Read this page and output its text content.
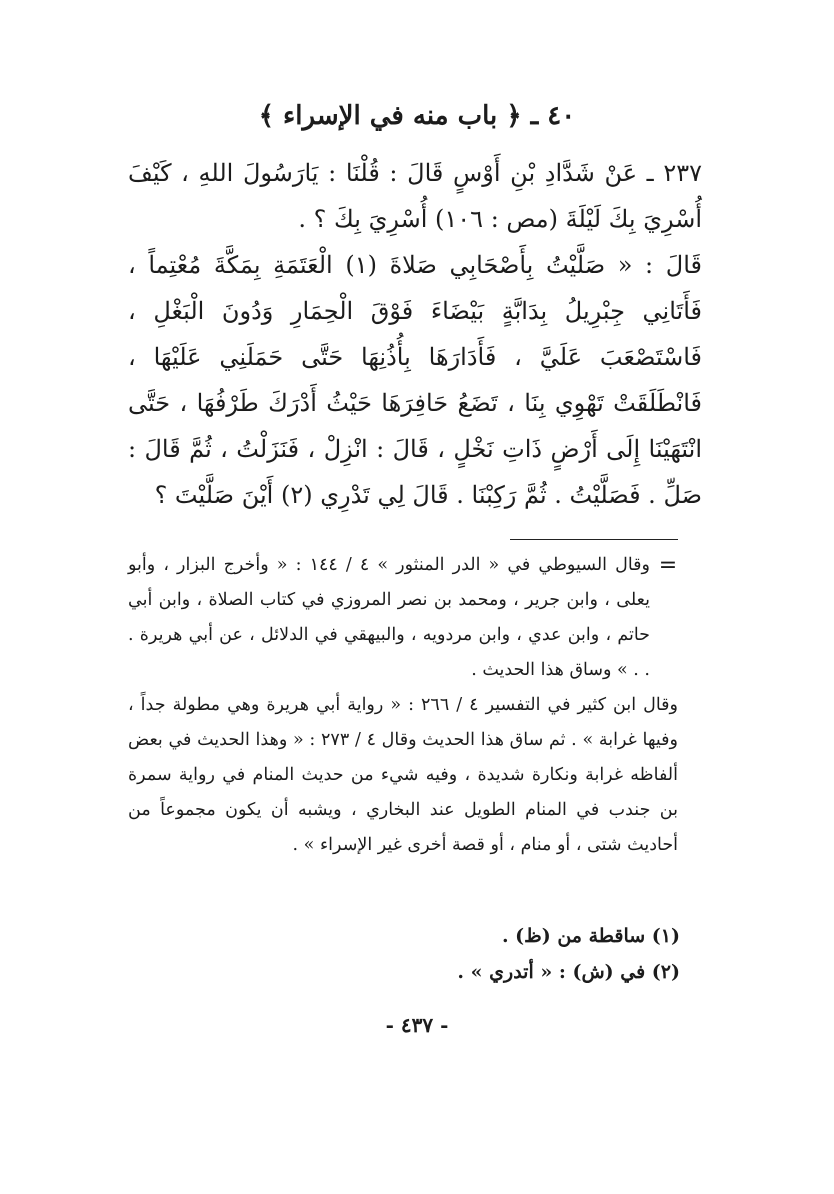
٤٠ ـ ﴿ باب منه في الإسراء ﴾

٢٣٧ ـ عَنْ شَدَّادِ بْنِ أَوْسٍ قَالَ : قُلْنَا : يَارَسُولَ اللهِ ، كَيْفَ أُسْرِيَ بِكَ لَيْلَةَ (مص : ١٠٦) أُسْرِيَ بِكَ ؟ .

قَالَ : « صَلَّيْتُ بِأَصْحَابِي صَلاةَ (١) الْعَتَمَةِ بِمَكَّةَ مُعْتِماً ، فَأَتَانِي جِبْرِيلُ بِدَابَّةٍ بَيْضَاءَ فَوْقَ الْحِمَارِ وَدُونَ الْبَغْلِ ، فَاسْتَصْعَبَ عَلَيَّ ، فَأَدَارَهَا بِأُذُنِهَا حَتَّى حَمَلَنِي عَلَيْهَا ، فَانْطَلَقَتْ تَهْوِي بِنَا ، تَضَعُ حَافِرَهَا حَيْثُ أَدْرَكَ طَرْفُهَا ، حَتَّى انْتَهَيْنَا إِلَى أَرْضٍ ذَاتِ نَخْلٍ ، قَالَ : انْزِلْ ، فَنَزَلْتُ ، ثُمَّ قَالَ : صَلِّ . فَصَلَّيْتُ . ثُمَّ رَكِبْنَا . قَالَ لِي تَدْرِي (٢) أَيْنَ صَلَّيْتَ ؟

=

وقال السيوطي في « الدر المنثور » ٤ / ١٤٤ : « وأخرج البزار ، وأبو يعلى ، وابن جرير ، ومحمد بن نصر المروزي في كتاب الصلاة ، وابن أبي حاتم ، وابن عدي ، وابن مردويه ، والبيهقي في الدلائل ، عن أبي هريرة . . . » وساق هذا الحديث .

وقال ابن كثير في التفسير ٤ / ٢٦٦ : « رواية أبي هريرة وهي مطولة جداً ، وفيها غرابة » . ثم ساق هذا الحديث وقال ٤ / ٢٧٣ : « وهذا الحديث في بعض ألفاظه غرابة ونكارة شديدة ، وفيه شيء من حديث المنام في رواية سمرة بن جندب في المنام الطويل عند البخاري ، ويشبه أن يكون مجموعاً من أحاديث شتى ، أو منام ، أو قصة أخرى غير الإسراء » .

(١) ساقطة من (ظ) .

(٢) في (ش) : « أتدري » .

- ٤٣٧ -
